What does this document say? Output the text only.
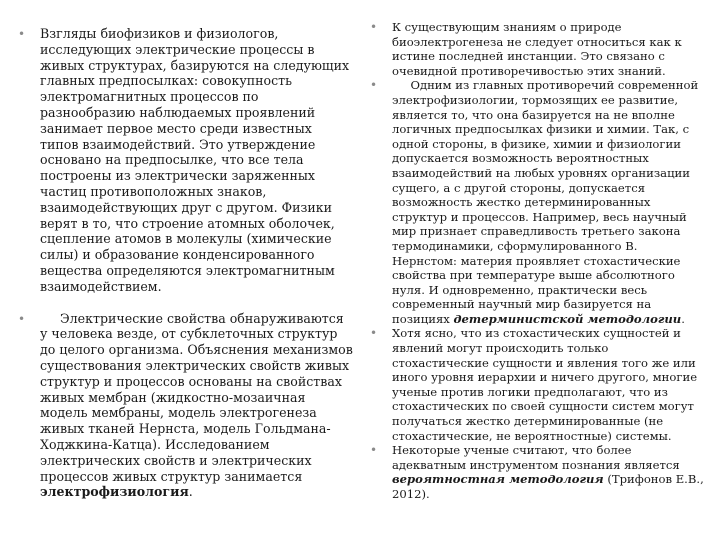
• Взгляды биофизиков и физиологов, исследующих электрические процессы в живых структурах, базируются на следующих главных предпосылках: совокупность электромагнитных процессов по разнообразию наблюдаемых проявлений занимает первое место среди известных типов взаимодействий. Это утверждение основано на предпосылке, что все тела построены из электрически заряженных частиц противоположных знаков, взаимодействующих друг с другом. Физики верят в то, что строение атомных оболочек, сцепление атомов в молекулы (химические силы) и образование конденсированного вещества определяются электромагнитным взаимодействием.
• Электрические свойства обнаруживаются у человека везде, от субклеточных структур до целого организма. Объяснения механизмов существования электрических свойств живых структур и процессов основаны на свойствах живых мембран (жидкостно-мозаичная модель мембраны, модель электрогенеза живых тканей Нернста, модель Гольдмана-Ходжкина-Катца). Исследованием электрических свойств и электрических процессов живых структур занимается электрофизиология.
• К существующим знаниям о природе биоэлектрогенеза не следует относиться как к истине последней инстанции. Это связано с очевидной противоречивостью этих знаний.
• Одним из главных противоречий современной электрофизиологии, тормозящих ее развитие, является то, что она базируется на не вполне логичных предпосылках физики и химии. Так, с одной стороны, в физике, химии и физиологии допускается возможность вероятностных взаимодействий на любых уровнях организации сущего, а с другой стороны, допускается возможность жестко детерминированных структур и процессов. Например, весь научный мир признает справедливость третьего закона термодинамики, сформулированного В. Нернстом: материя проявляет стохастические свойства при температуре выше абсолютного нуля. И одновременно, практически весь современный научный мир базируется на позициях детерминистской методологии.
• Хотя ясно, что из стохастических сущностей и явлений могут происходить только стохастические сущности и явления того же или иного уровня иерархии и ничего другого, многие ученые против логики предполагают, что из стохастических по своей сущности систем могут получаться жестко детерминированные (не стохастические, не вероятностные) системы.
• Некоторые ученые считают, что более адекватным инструментом познания является вероятностная методология (Трифонов Е.В., 2012).
